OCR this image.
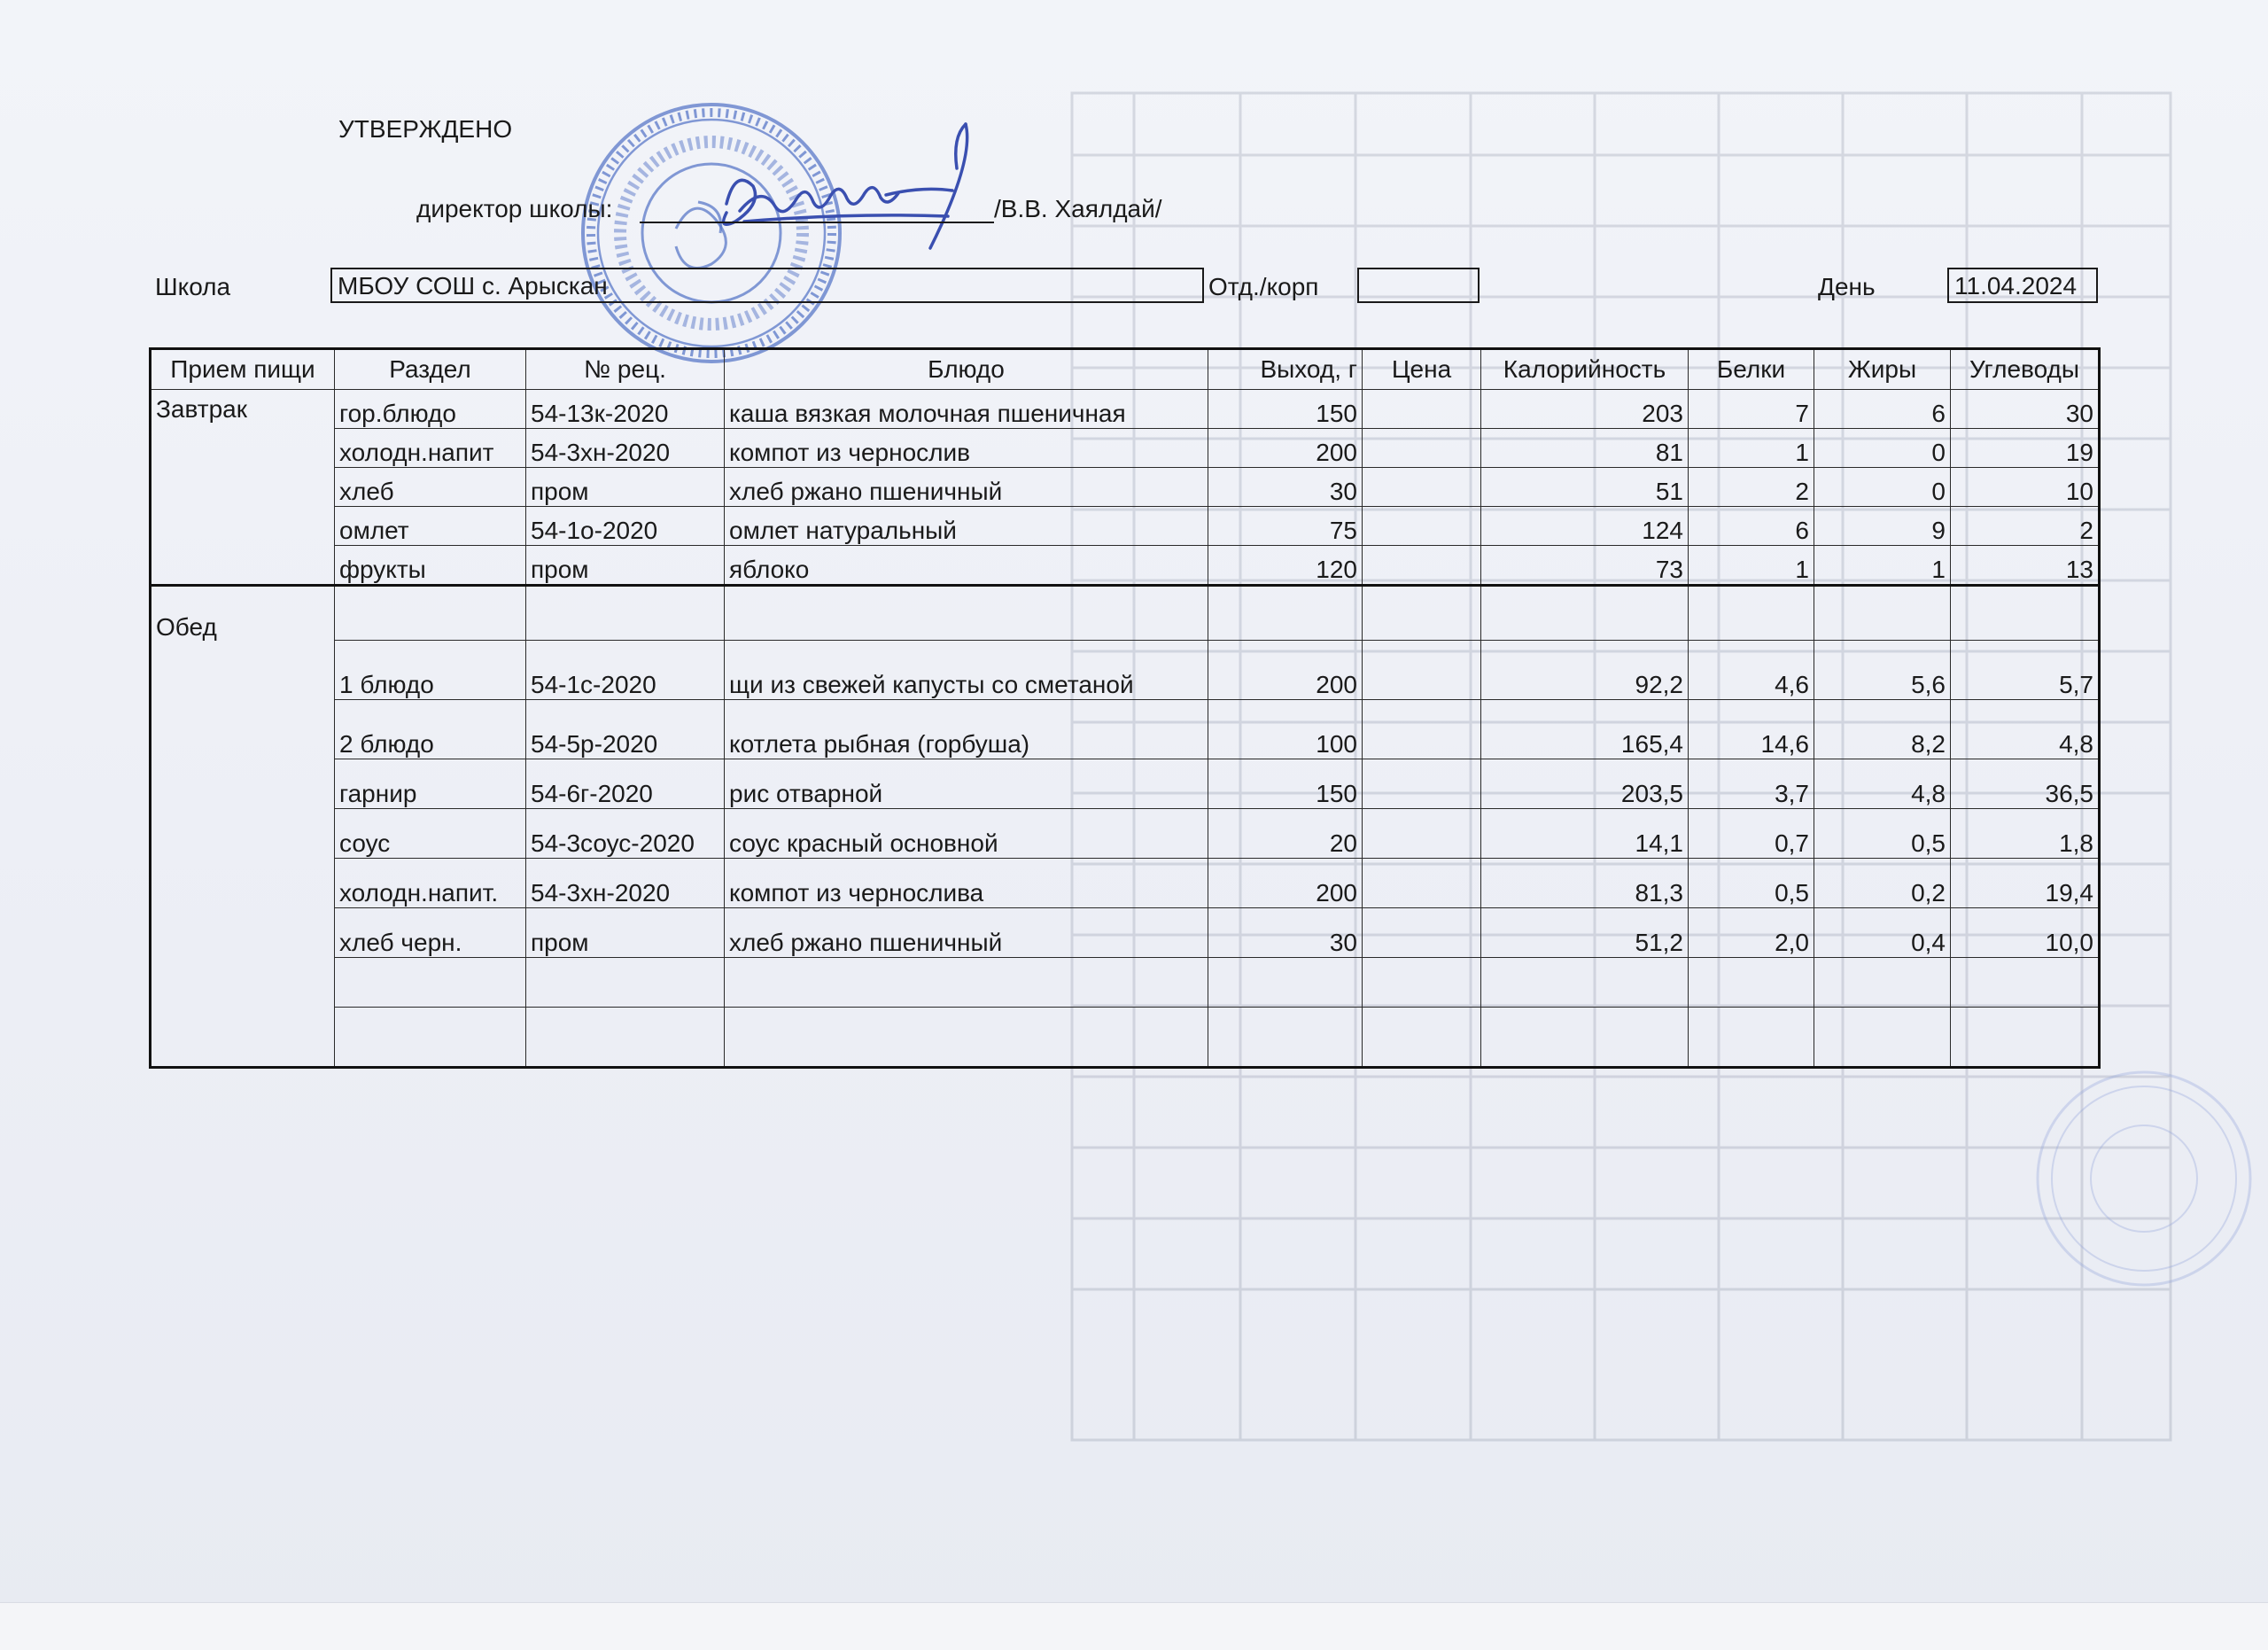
УТВЕРЖДЕНО
директор школы:	/В.В. Хаялдай/
Школа	МБОУ СОШ с. Арыскан	Отд./корп	День	11.04.2024
Прием пищи	Раздел	№ рец.	Блюдо	Выход, г	Цена	Калорийность	Белки	Жиры	Углеводы
Завтрак	гор.блюдо	54-13к-2020	каша вязкая молочная пшеничная	150		203	7	6	30
	холодн.напит	54-3хн-2020	компот из чернослив	200		81	1	0	19
	хлеб	пром	хлеб ржано пшеничный	30		51	2	0	10
	омлет	54-1о-2020	омлет натуральный	75		124	6	9	2
	фрукты	пром	яблоко	120		73	1	1	13
Обед									
	1 блюдо	54-1с-2020	щи из свежей капусты со сметаной	200		92,2	4,6	5,6	5,7
	2 блюдо	54-5р-2020	котлета рыбная (горбуша)	100		165,4	14,6	8,2	4,8
	гарнир	54-6г-2020	рис отварной	150		203,5	3,7	4,8	36,5
	соус	54-3соус-2020	соус красный основной	20		14,1	0,7	0,5	1,8
	холодн.напит.	54-3хн-2020	компот из чернослива	200		81,3	0,5	0,2	19,4
	хлеб черн.	пром	хлеб ржано пшеничный	30		51,2	2,0	0,4	10,0
